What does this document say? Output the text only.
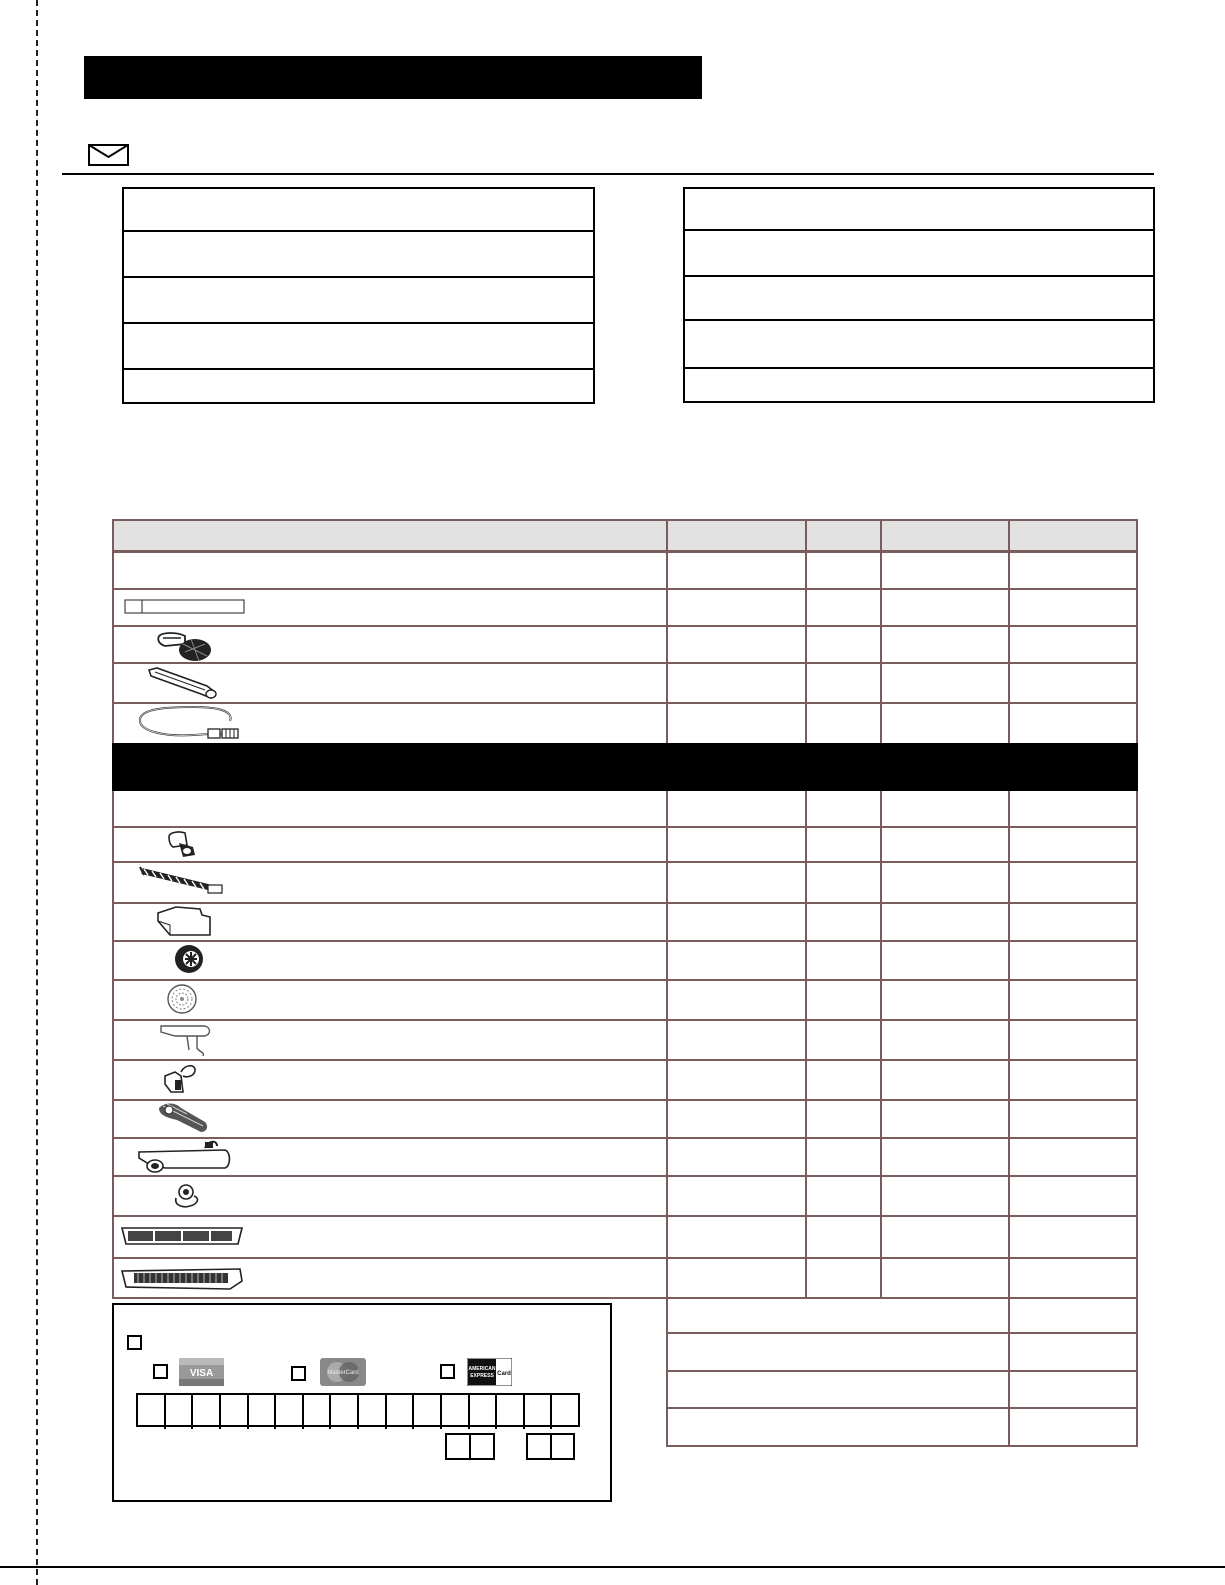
VISA	MasterCard
AMERICAN
EXPRESS Card
